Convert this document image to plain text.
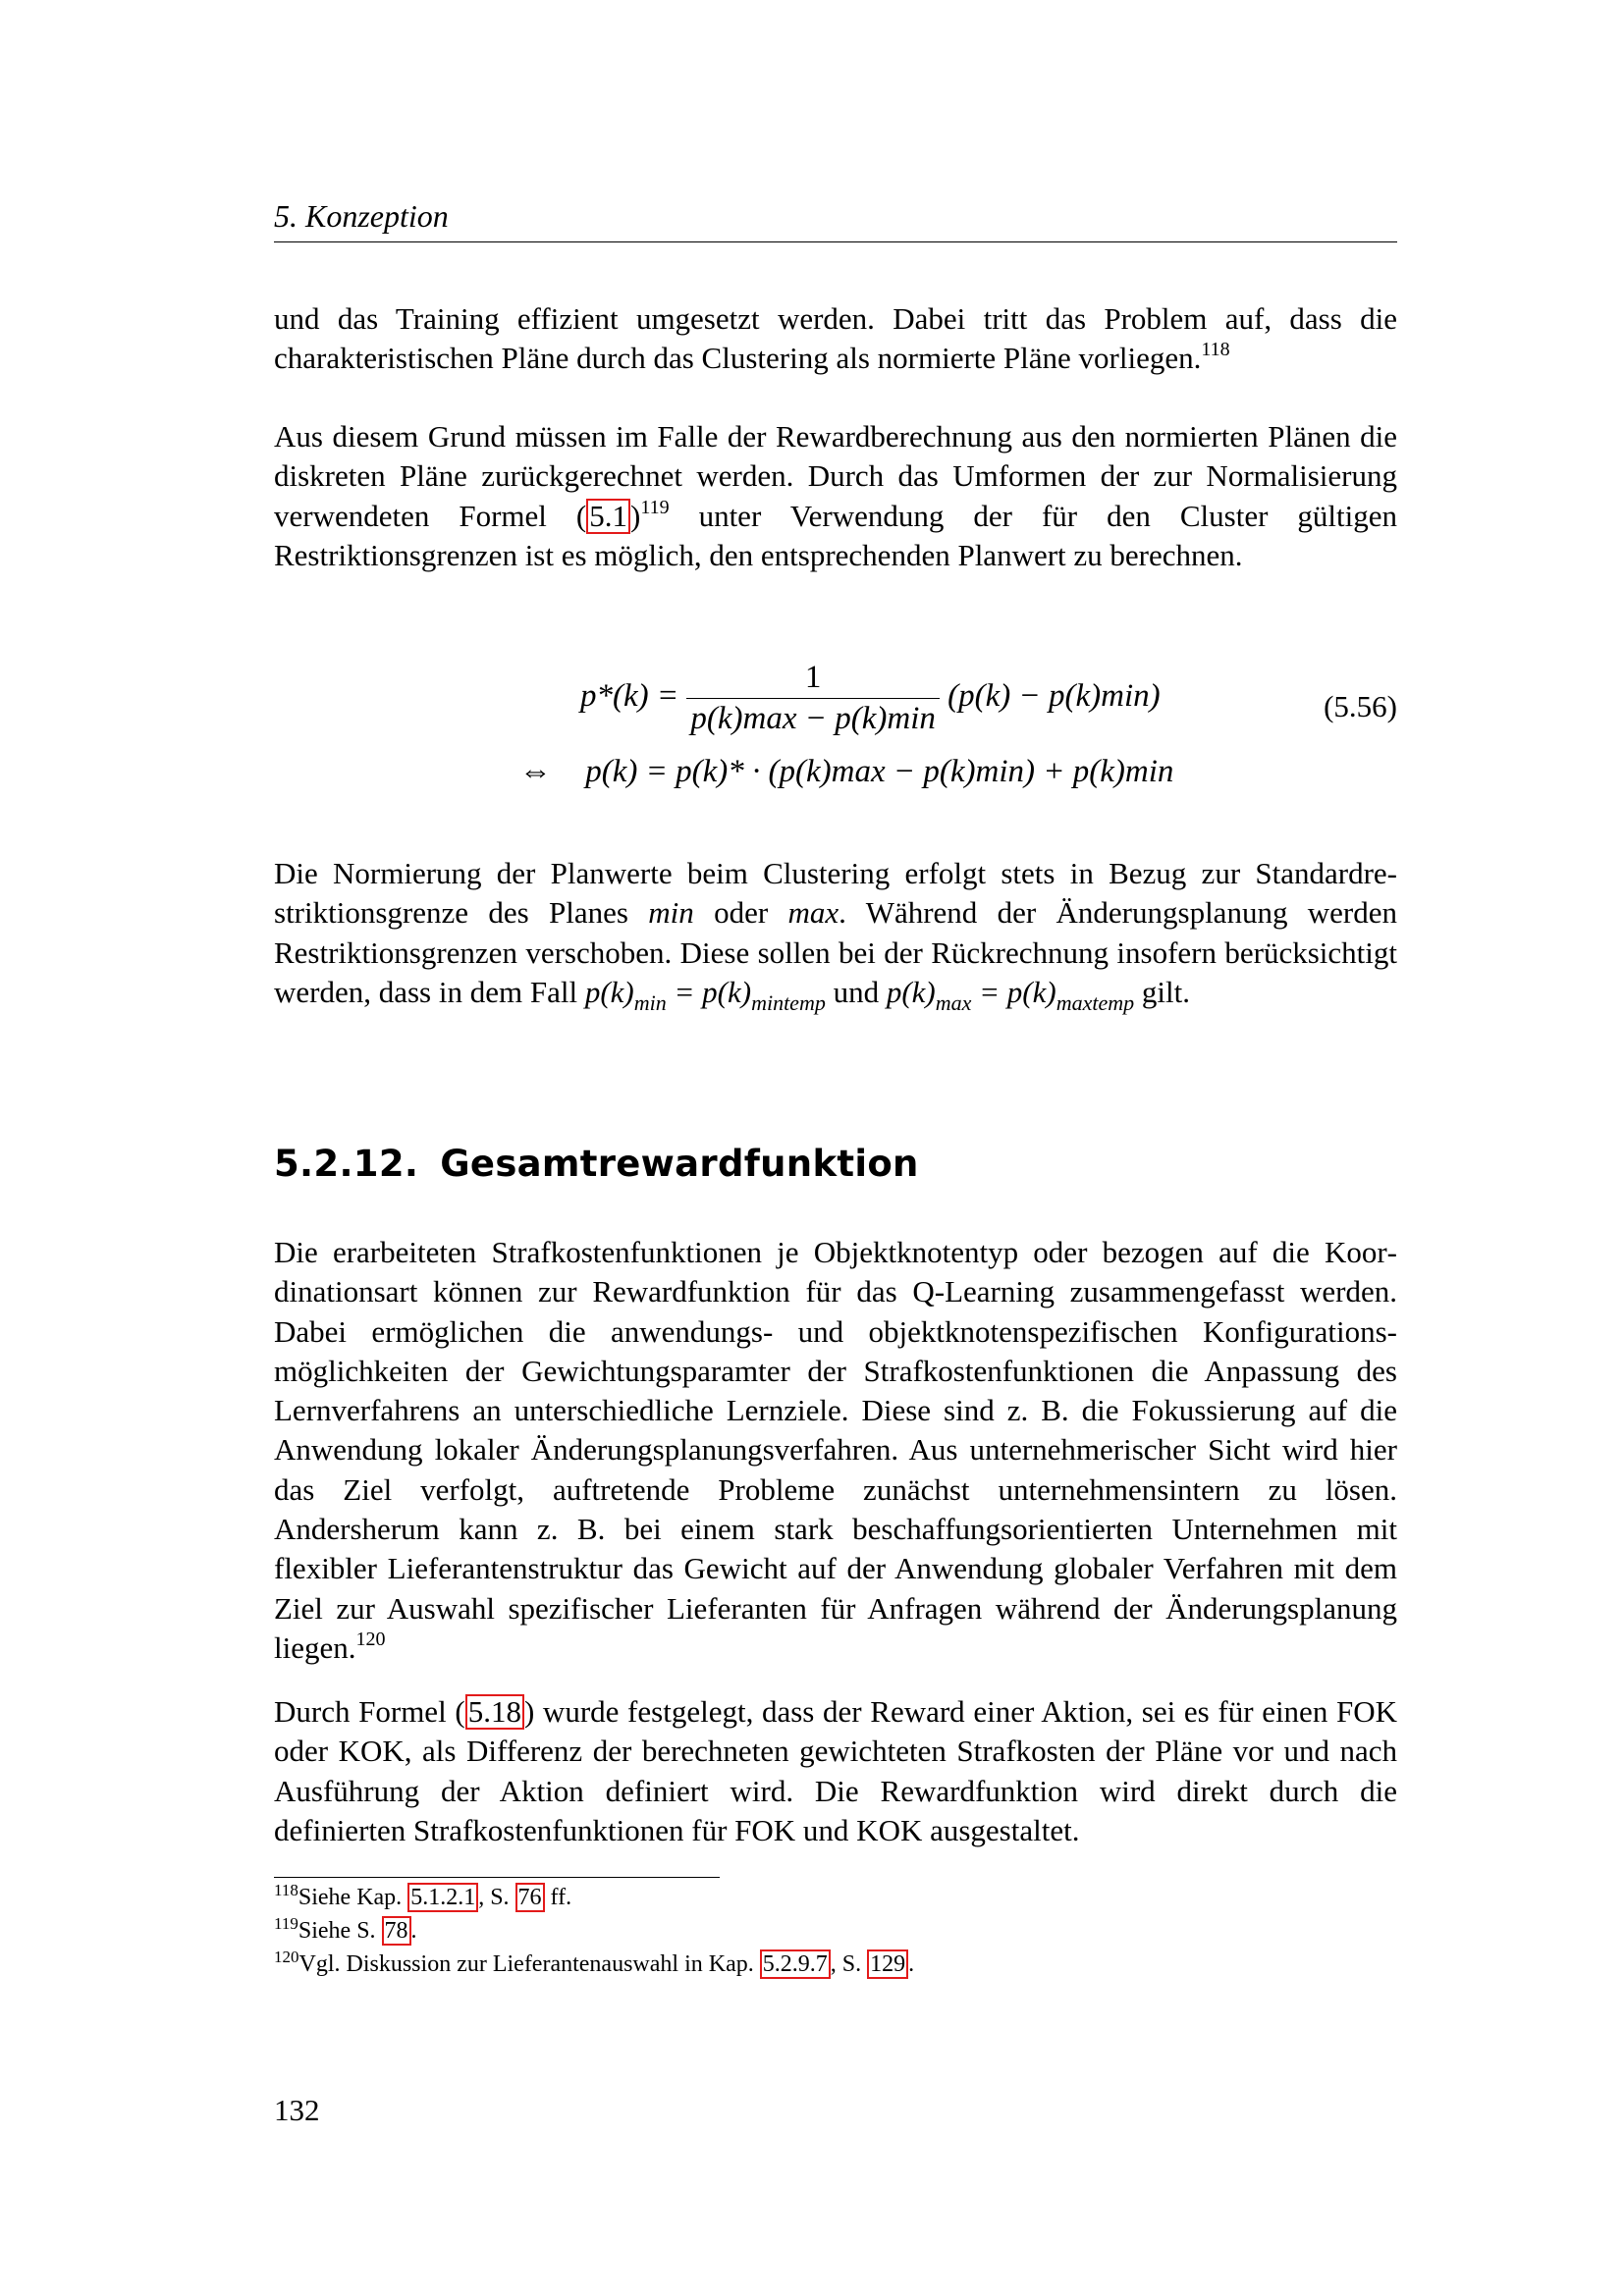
5. Konzeption

und das Training effizient umgesetzt werden. Dabei tritt das Problem auf, dass die charakteristischen Pläne durch das Clustering als normierte Pläne vorliegen.$^{118}$

Aus diesem Grund müssen im Falle der Rewardberechnung aus den normierten Plänen die diskreten Pläne zurückgerechnet werden. Durch das Umformen der zur Normalisierung verwendeten Formel $(5.1)^{119}$ unter Verwendung der für den Cluster gültigen Restriktionsgrenzen ist es möglich, den entsprechenden Planwert zu berechnen.

$p*(k) = \frac{1}{p(k)\max - p(k)\min} (p(k) - p(k)\min)$
⇔ p(k) = p(k)* · (p(k)max − p(k)min) + p(k)min
(5.56)

Die Normierung der Planwerte beim Clustering erfolgt stets in Bezug zur Standardrestriktionsgrenze des Planes min oder max. Während der Änderungsplanung werden Restriktionsgrenzen verschoben. Diese sollen bei der Rückrechnung insofern berücksichtigt werden, dass in dem Fall $p(k)_{min} = p(k)_{mintemp}$ und $p(k)_{max} = p(k)_{maxtemp}$ gilt.

5.2.12. Gesamtrewardfunktion

Die erarbeiteten Strafkostenfunktionen je Objektknotentyp oder bezogen auf die Koordinationsart können zur Rewardfunktion für das Q-Learning zusammengefasst werden. Dabei ermöglichen die anwendungs- und objektknotenspezifischen Konfigurationsmöglichkeiten der Gewichtungsparamter der Strafkostenfunktionen die Anpassung des Lernverfahrens an unterschiedliche Lernziele. Diese sind z. B. die Fokussierung auf die Anwendung lokaler Änderungsplanungsverfahren. Aus unternehmerischer Sicht wird hier das Ziel verfolgt, auftretende Probleme zunächst unternehmensintern zu lösen. Andersherum kann z. B. bei einem stark beschaffungsorientierten Unternehmen mit flexibler Lieferantenstruktur das Gewicht auf der Anwendung globaler Verfahren mit dem Ziel zur Auswahl spezifischer Lieferanten für Anfragen während der Änderungsplanung liegen.$^{120}$

Durch Formel (5.18) wurde festgelegt, dass der Reward einer Aktion, sei es für einen FOK oder KOK, als Differenz der berechneten gewichteten Strafkosten der Pläne vor und nach Ausführung der Aktion definiert wird. Die Rewardfunktion wird direkt durch die definierten Strafkostenfunktionen für FOK und KOK ausgestaltet.

$^{118}$Siehe Kap. 5.1.2.1 , S. 76 ff.
$^{119}$Siehe S. 78 .
$^{120}$Vgl. Diskussion zur Lieferantenauswahl in Kap. 5.2.9.7 , S. 129 .
132
